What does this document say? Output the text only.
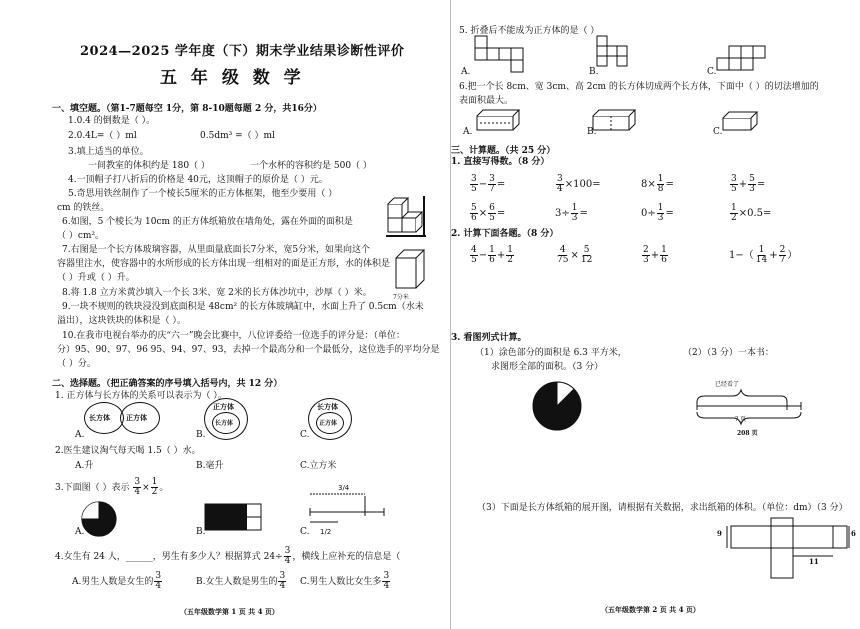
2024—2025 学年度（下）期末学业结果诊断性评价
五 年 级 数 学
一、填空题。（第1-7题每空 1分，第 8-10题每题 2 分，共16分）
1.0.4 的倒数是（ ）。
2.0.4L=（ ）ml	0.5dm³ =（ ）ml
3.填上适当的单位。
一间教室的体积约是 180（ ）	一个水杯的容积约是 500（ ）
4.一顶帽子打八折后的价格是 40元，这顶帽子的原价是（ ）元。
5.奇思用铁丝制作了一个棱长5厘米的正方体框架，他至少要用（ ）
cm 的铁丝。
6.如图，5 个棱长为 10cm 的正方体纸箱放在墙角处，露在外面的面积是
（ ）cm²。
7.右图是一个长方体玻璃容器，从里面量底面长7分米，宽5分米，如果向这个
容器里注水，使容器中的水所形成的长方体出现一组相对的面是正方形，水的体积是
（ ）升或（ ）升。
7分米
8.将 1.8 立方米黄沙填入一个长 3米、宽 2米的长方体沙坑中，沙厚（ ）米。
9.一块不规则的铁块浸没到底面积是 48cm² 的长方体玻璃缸中，水面上升了 0.5cm（水未
溢出），这块铁块的体积是（ ）。
10.在我市电视台举办的庆“六一”晚会比赛中，八位评委给一位选手的评分是：（单位：
分）95、90、97、96 95、94、97、93，去掉一个最高分和一个最低分，这位选手的平均分是
（ ）分。
二、选择题。（把正确答案的序号填入括号内，共 12 分）
1. 正方体与长方体的关系可以表示为（ ）。
长方体 正方体
A.
正方体
长方体
B.
长方体
正方体
C.
2.医生建议淘气每天喝 1.5（ ）水。
A.升	B.毫升	C.立方米
3.下面图（ ）表示 $\frac{3}{4} \times \frac{1}{2}$ 。
A.	B.
3/4
1/2
C.
4.女生有 24 人，______，男生有多少人？根据算式 $24\div \frac{3}{4}$ ，横线上应补充的信息是（
A.男生人数是女生的 $\frac{3}{4}$	B.女生人数是男生的 $\frac{3}{4} C$.男生人数比女生多 $\frac{3}{4}$
（五年级数学第 1 页 共 4 页）
5. 折叠后不能成为正方体的是（ ）
A.	B.	C.
6.把一个长 8cm、宽 3cm、高 2cm 的长方体切成两个长方体，下面中（ ）的切法增加的
表面积最大。
A.	B.	C.
三、计算题。（共 25 分）
1. 直接写得数。（8 分）
$\frac{3}{5} - \frac{3}{7}$ =	$\frac{3}{4} \times 100=$	$8\times \frac{1}{8}$ =	$\frac{3}{5} + \frac{5}{3}$ =
$\frac{5}{6} \times \frac{6}{5}$ =	$3\div \frac{1}{3}$ =	$0\div \frac{1}{3}$ =	$\frac{1}{2} \times 0.5=$
2. 计算下面各题。（8 分）
$\frac{4}{5} - \frac{1}{6} + \frac{1}{2}$	$\frac{4}{75} \times \frac{5}{12}$	$\frac{2}{3} + \frac{1}{6}$	$1-( \frac{1}{14} + \frac{2}{7}$ ）
3. 看图列式计算。
（1）涂色部分的面积是 6.3 平方米，
求图形全部的面积。（3 分）
（2）（3 分）一本书：
已经看了
? 页
208 页
（3）下面是长方体纸箱的展开图，请根据有关数据，求出纸箱的体积。（单位：dm）（3 分）
9	6
11
（五年级数学第 2 页 共 4 页）
